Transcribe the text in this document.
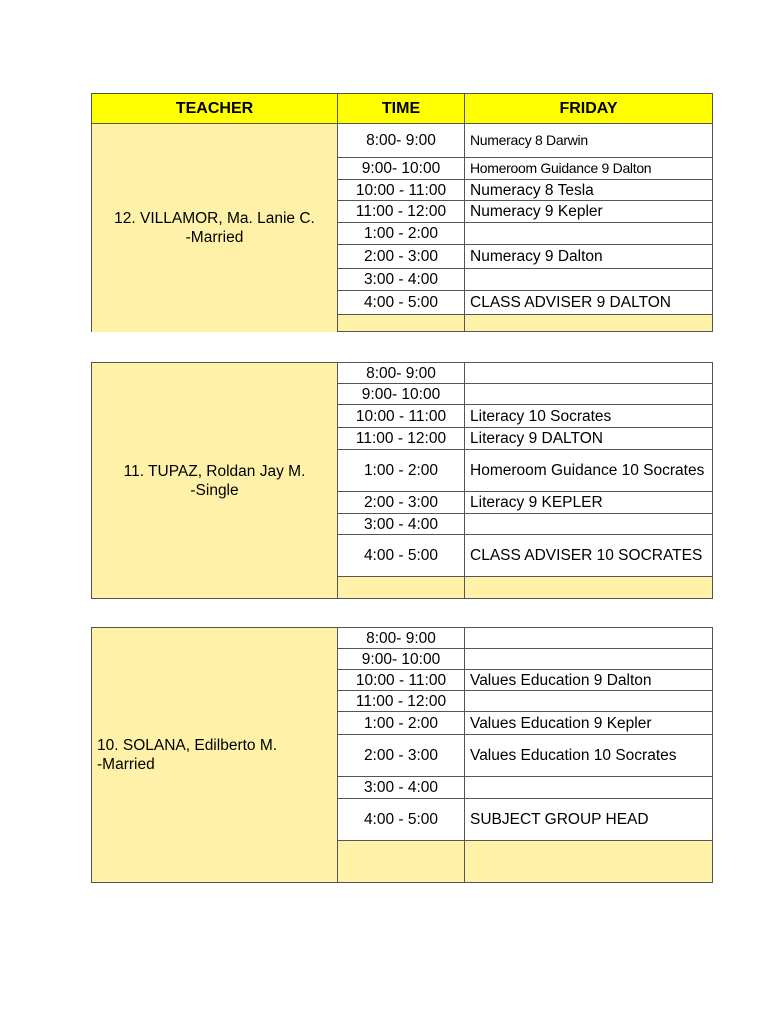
TEACHER	TIME	FRIDAY

12. VILLAMOR, Ma. Lanie C.
-Married	8:00- 9:00	Numeracy 8 Darwin
	9:00- 10:00	Homeroom Guidance 9 Dalton
	10:00 - 11:00	Numeracy 8 Tesla
	11:00 - 12:00	Numeracy 9 Kepler
	1:00 - 2:00	
	2:00 - 3:00	Numeracy 9 Dalton
	3:00 - 4:00	
	4:00 - 5:00	CLASS ADVISER 9 DALTON

11. TUPAZ, Roldan Jay M.
-Single	8:00- 9:00	
	9:00- 10:00	
	10:00 - 11:00	Literacy 10 Socrates
	11:00 - 12:00	Literacy 9 DALTON
	1:00 - 2:00	Homeroom Guidance 10 Socrates
	2:00 - 3:00	Literacy 9 KEPLER
	3:00 - 4:00	
	4:00 - 5:00	CLASS ADVISER 10 SOCRATES

10. SOLANA, Edilberto M.
-Married	8:00- 9:00	
	9:00- 10:00	
	10:00 - 11:00	Values Education 9 Dalton
	11:00 - 12:00	
	1:00 - 2:00	Values Education 9 Kepler
	2:00 - 3:00	Values Education 10 Socrates
	3:00 - 4:00	
	4:00 - 5:00	SUBJECT GROUP HEAD
